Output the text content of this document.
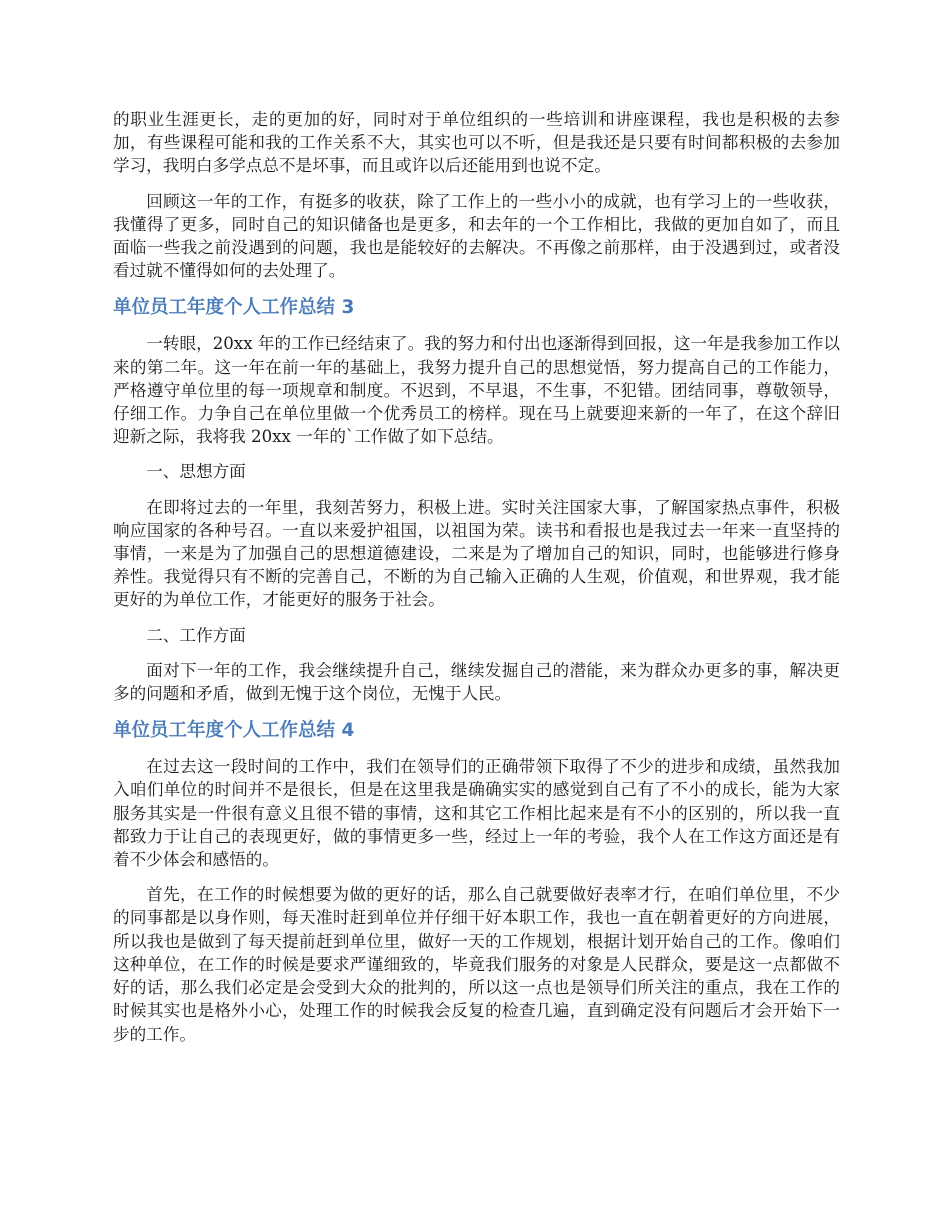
的职业生涯更长，走的更加的好，同时对于单位组织的一些培训和讲座课程，我也是积极的去参加，有些课程可能和我的工作关系不大，其实也可以不听，但是我还是只要有时间都积极的去参加学习，我明白多学点总不是坏事，而且或许以后还能用到也说不定。

回顾这一年的工作，有挺多的收获，除了工作上的一些小小的成就，也有学习上的一些收获，我懂得了更多，同时自己的知识储备也是更多，和去年的一个工作相比，我做的更加自如了，而且面临一些我之前没遇到的问题，我也是能较好的去解决。不再像之前那样，由于没遇到过，或者没看过就不懂得如何的去处理了。

单位员工年度个人工作总结 3

一转眼，20xx 年的工作已经结束了。我的努力和付出也逐渐得到回报，这一年是我参加工作以来的第二年。这一年在前一年的基础上，我努力提升自己的思想觉悟，努力提高自己的工作能力，严格遵守单位里的每一项规章和制度。不迟到，不早退，不生事，不犯错。团结同事，尊敬领导，仔细工作。力争自己在单位里做一个优秀员工的榜样。现在马上就要迎来新的一年了，在这个辞旧迎新之际，我将我 20xx 一年的`工作做了如下总结。

一、思想方面

在即将过去的一年里，我刻苦努力，积极上进。实时关注国家大事，了解国家热点事件，积极响应国家的各种号召。一直以来爱护祖国，以祖国为荣。读书和看报也是我过去一年来一直坚持的事情，一来是为了加强自己的思想道德建设，二来是为了增加自己的知识，同时，也能够进行修身养性。我觉得只有不断的完善自己，不断的为自己输入正确的人生观，价值观，和世界观，我才能更好的为单位工作，才能更好的服务于社会。

二、工作方面

面对下一年的工作，我会继续提升自己，继续发掘自己的潜能，来为群众办更多的事，解决更多的问题和矛盾，做到无愧于这个岗位，无愧于人民。

单位员工年度个人工作总结 4

在过去这一段时间的工作中，我们在领导们的正确带领下取得了不少的进步和成绩，虽然我加入咱们单位的时间并不是很长，但是在这里我是确确实实的感觉到自己有了不小的成长，能为大家服务其实是一件很有意义且很不错的事情，这和其它工作相比起来是有不小的区别的，所以我一直都致力于让自己的表现更好，做的事情更多一些，经过上一年的考验，我个人在工作这方面还是有着不少体会和感悟的。

首先，在工作的时候想要为做的更好的话，那么自己就要做好表率才行，在咱们单位里，不少的同事都是以身作则，每天准时赶到单位并仔细干好本职工作，我也一直在朝着更好的方向进展，所以我也是做到了每天提前赶到单位里，做好一天的工作规划，根据计划开始自己的工作。像咱们这种单位，在工作的时候是要求严谨细致的，毕竟我们服务的对象是人民群众，要是这一点都做不好的话，那么我们必定是会受到大众的批判的，所以这一点也是领导们所关注的重点，我在工作的时候其实也是格外小心，处理工作的时候我会反复的检查几遍，直到确定没有问题后才会开始下一步的工作。
